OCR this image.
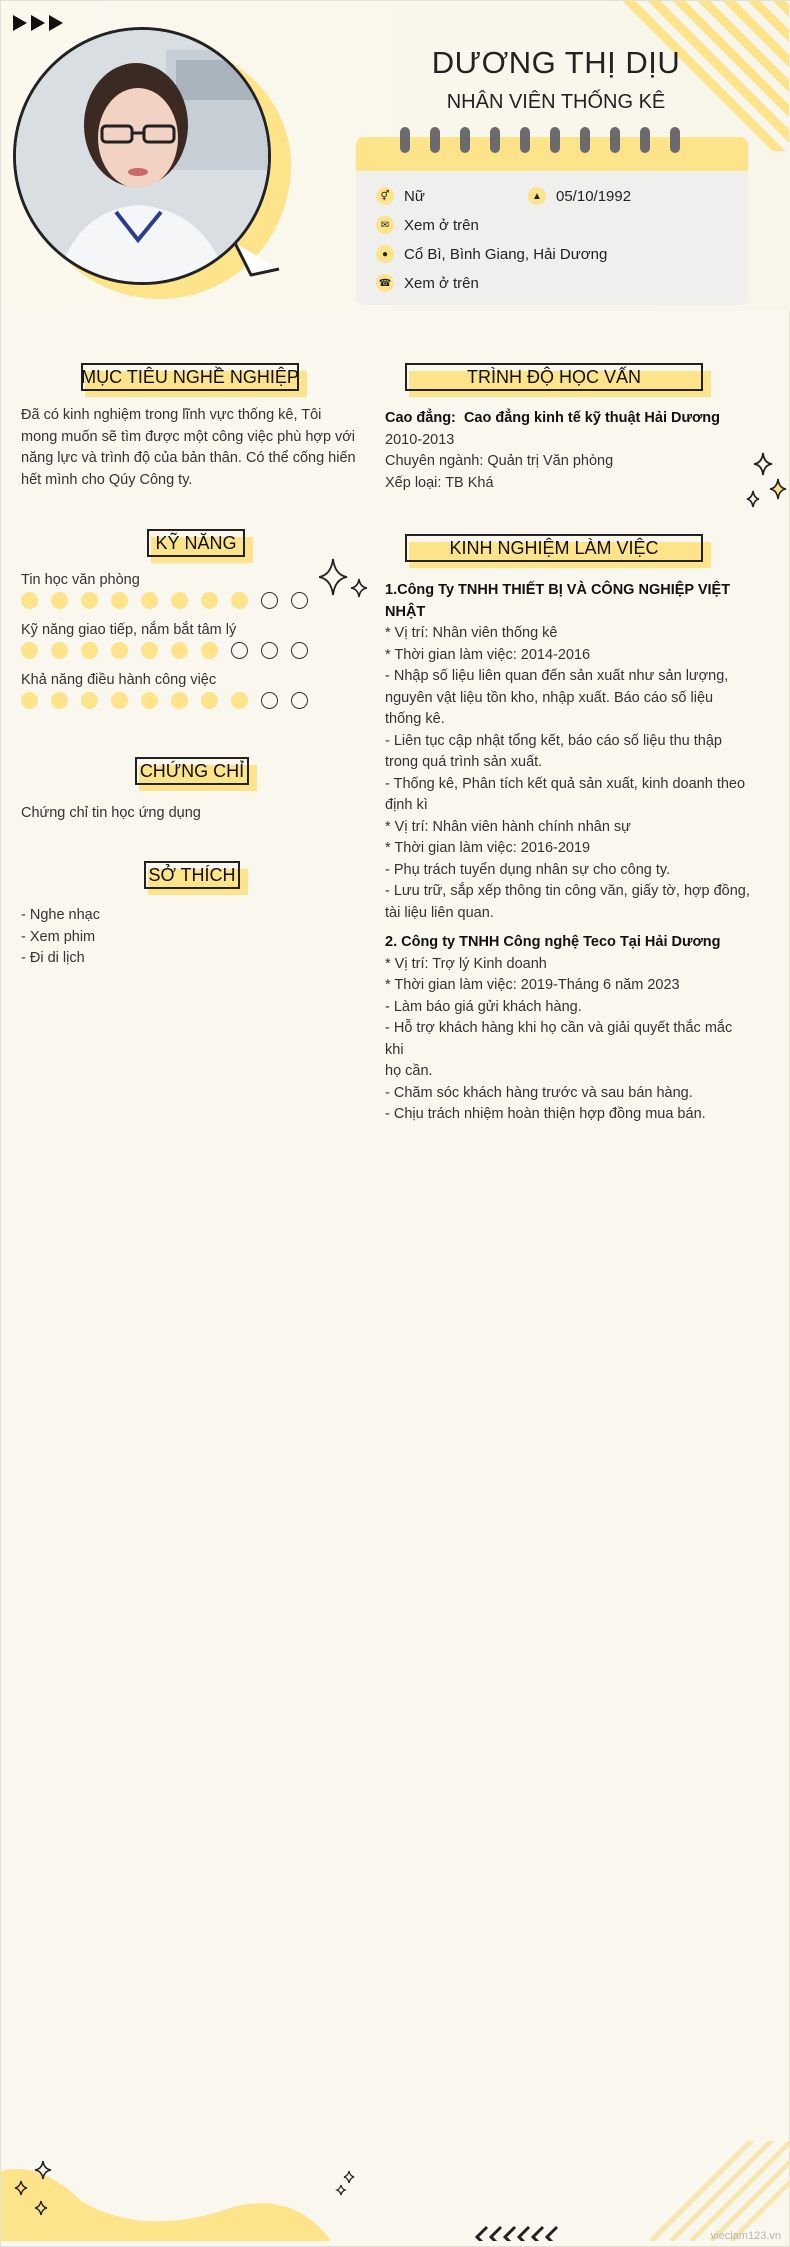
DƯƠNG THỊ DỊU
NHÂN VIÊN THỐNG KÊ
⚥ Nữ	▲ 05/10/1992
✉ Xem ở trên
●	Cổ Bì, Bình Giang, Hải Dương
☎ Xem ở trên
MỤC TIÊU NGHỀ NGHIỆP

Đã có kinh nghiệm trong lĩnh vực thống kê, Tôi

mong muốn sẽ tìm được một công việc phù hợp với

năng lực và trình độ của bản thân. Có thể cống hiến

hết mình cho Qúy Công ty.

KỸ NĂNG
Tin học văn phòng
Kỹ năng giao tiếp, nắm bắt tâm lý
Khả năng điều hành công việc
CHỨNG CHỈ

Chứng chỉ tin học ứng dụng

SỞ THÍCH

- Nghe nhạc

- Xem phim

- Đi di lịch

TRÌNH ĐỘ HỌC VẤN

Cao đẳng: Cao đẳng kinh tế kỹ thuật Hải Dương

2010-2013

Chuyên ngành: Quản trị Văn phòng

Xếp loại: TB Khá

KINH NGHIỆM LÀM VIỆC

1.Công Ty TNHH THIẾT BỊ VÀ CÔNG NGHIỆP VIỆT NHẬT

* Vị trí: Nhân viên thống kê

* Thời gian làm việc: 2014-2016

- Nhập số liệu liên quan đến sản xuất như sản lượng,

nguyên vật liệu tồn kho, nhập xuất. Báo cáo số liệu

thống kê.

- Liên tục cập nhật tổng kết, báo cáo số liệu thu thập

trong quá trình sản xuất.

- Thống kê, Phân tích kết quả sản xuất, kinh doanh theo

định kì

* Vị trí: Nhân viên hành chính nhân sự

* Thời gian làm việc: 2016-2019

- Phụ trách tuyển dụng nhân sự cho công ty.

- Lưu trữ, sắp xếp thông tin công văn, giấy tờ, hợp đồng,

tài liệu liên quan.

2. Công ty TNHH Công nghệ Teco Tại Hải Dương

* Vị trí: Trợ lý Kinh doanh

* Thời gian làm việc: 2019-Tháng 6 năm 2023

- Làm báo giá gửi khách hàng.

- Hỗ trợ khách hàng khi họ cần và giải quyết thắc mắc khi

họ cần.

- Chăm sóc khách hàng trước và sau bán hàng.

- Chịu trách nhiệm hoàn thiện hợp đồng mua bán.

vieclam123.vn
